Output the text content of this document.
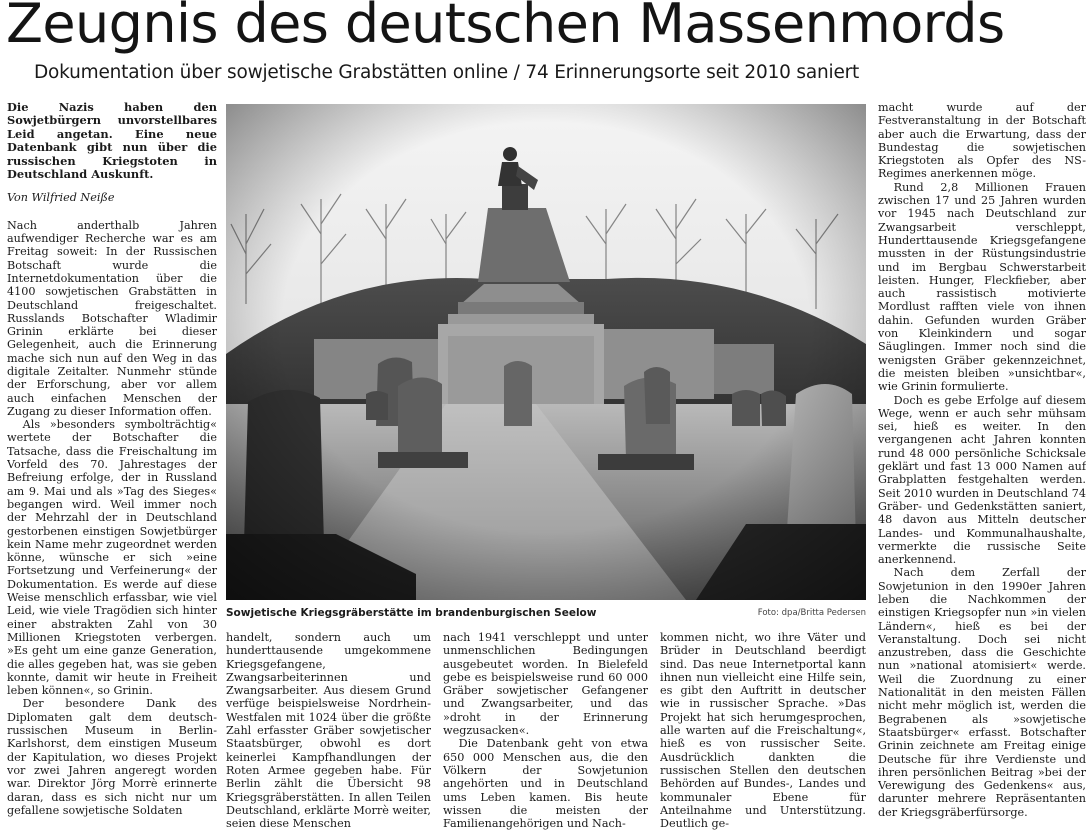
Zeugnis des deutschen Massenmords
Dokumentation über sowjetische Grabstätten online / 74 Erinnerungsorte seit 2010 saniert

Die Nazis haben den Sowjetbürgern unvorstellbares Leid angetan. Eine neue Datenbank gibt nun über die russischen Kriegstoten in Deutschland Auskunft.

Von Wilfried Neiße

Nach anderthalb Jahren aufwendiger Recherche war es am Freitag soweit: In der Russischen Botschaft wurde die Internetdokumentation über die 4100 sowjetischen Grabstätten in Deutschland freigeschaltet. Russlands Botschafter Wladimir Grinin erklärte bei dieser Gelegenheit, auch die Erinnerung mache sich nun auf den Weg in das digitale Zeitalter. Nunmehr stünde der Erforschung, aber vor allem auch einfachen Menschen der Zugang zu dieser Information offen.

Als »besonders symbolträchtig« wertete der Botschafter die Tatsache, dass die Freischaltung im Vorfeld des 70. Jahrestages der Befreiung erfolge, der in Russland am 9. Mai und als »Tag des Sieges« begangen wird. Weil immer noch der Mehrzahl der in Deutschland gestorbenen einstigen Sowjetbürger kein Name mehr zugeordnet werden könne, wünsche er sich »eine Fortsetzung und Verfeinerung« der Dokumentation. Es werde auf diese Weise menschlich erfassbar, wie viel Leid, wie viele Tragödien sich hinter einer abstrakten Zahl von 30 Millionen Kriegstoten verbergen. »Es geht um eine ganze Generation, die alles gegeben hat, was sie geben konnte, damit wir heute in Freiheit leben können«, so Grinin.

Der besondere Dank des Diplomaten galt dem deutsch-russischen Museum in Berlin-Karlshorst, dem einstigen Museum der Kapitulation, wo dieses Projekt vor zwei Jahren angeregt worden war. Direktor Jörg Morrè erinnerte daran, dass es sich nicht nur um gefallene sowjetische Soldaten

Sowjetische Kriegsgräberstätte im brandenburgischen Seelow	Foto: dpa/Britta Pedersen

handelt, sondern auch um hunderttausende umgekommene Kriegsgefangene, Zwangsarbeiterinnen und Zwangsarbeiter. Aus diesem Grund verfüge beispielsweise Nordrhein-Westfalen mit 1024 über die größte Zahl erfasster Gräber sowjetischer Staatsbürger, obwohl es dort keinerlei Kampfhandlungen der Roten Armee gegeben habe. Für Berlin zählt die Übersicht 98 Kriegsgräberstätten. In allen Teilen Deutschland, erklärte Morrè weiter, seien diese Menschen

nach 1941 verschleppt und unter unmenschlichen Bedingungen ausgebeutet worden. In Bielefeld gebe es beispielsweise rund 60 000 Gräber sowjetischer Gefangener und Zwangsarbeiter, und das »droht in der Erinnerung wegzusacken«.

Die Datenbank geht von etwa 650 000 Menschen aus, die den Völkern der Sowjetunion angehörten und in Deutschland ums Leben kamen. Bis heute wissen die meisten der Familienangehörigen und Nach-

kommen nicht, wo ihre Väter und Brüder in Deutschland beerdigt sind. Das neue Internetportal kann ihnen nun vielleicht eine Hilfe sein, es gibt den Auftritt in deutscher wie in russischer Sprache. »Das Projekt hat sich herumgesprochen, alle warten auf die Freischaltung«, hieß es von russischer Seite. Ausdrücklich dankten die russischen Stellen den deutschen Behörden auf Bundes-, Landes und kommunaler Ebene für Anteilnahme und Unterstützung. Deutlich ge-

macht wurde auf der Festveranstaltung in der Botschaft aber auch die Erwartung, dass der Bundestag die sowjetischen Kriegstoten als Opfer des NS-Regimes anerkennen möge.

Rund 2,8 Millionen Frauen zwischen 17 und 25 Jahren wurden vor 1945 nach Deutschland zur Zwangsarbeit verschleppt, Hunderttausende Kriegsgefangene mussten in der Rüstungsindustrie und im Bergbau Schwerstarbeit leisten. Hunger, Fleckfieber, aber auch rassistisch motivierte Mordlust rafften viele von ihnen dahin. Gefunden wurden Gräber von Kleinkindern und sogar Säuglingen. Immer noch sind die wenigsten Gräber gekennzeichnet, die meisten bleiben »unsichtbar«, wie Grinin formulierte.

Doch es gebe Erfolge auf diesem Wege, wenn er auch sehr mühsam sei, hieß es weiter. In den vergangenen acht Jahren konnten rund 48 000 persönliche Schicksale geklärt und fast 13 000 Namen auf Grabplatten festgehalten werden. Seit 2010 wurden in Deutschland 74 Gräber- und Gedenkstätten saniert, 48 davon aus Mitteln deutscher Landes- und Kommunalhaushalte, vermerkte die russische Seite anerkennend.

Nach dem Zerfall der Sowjetunion in den 1990er Jahren leben die Nachkommen der einstigen Kriegsopfer nun »in vielen Ländern«, hieß es bei der Veranstaltung. Doch sei nicht anzustreben, dass die Geschichte nun »national atomisiert« werde. Weil die Zuordnung zu einer Nationalität in den meisten Fällen nicht mehr möglich ist, werden die Begrabenen als »sowjetische Staatsbürger« erfasst. Botschafter Grinin zeichnete am Freitag einige Deutsche für ihre Verdienste und ihren persönlichen Beitrag »bei der Verewigung des Gedenkens« aus, darunter mehrere Repräsentanten der Kriegsgräberfürsorge.
